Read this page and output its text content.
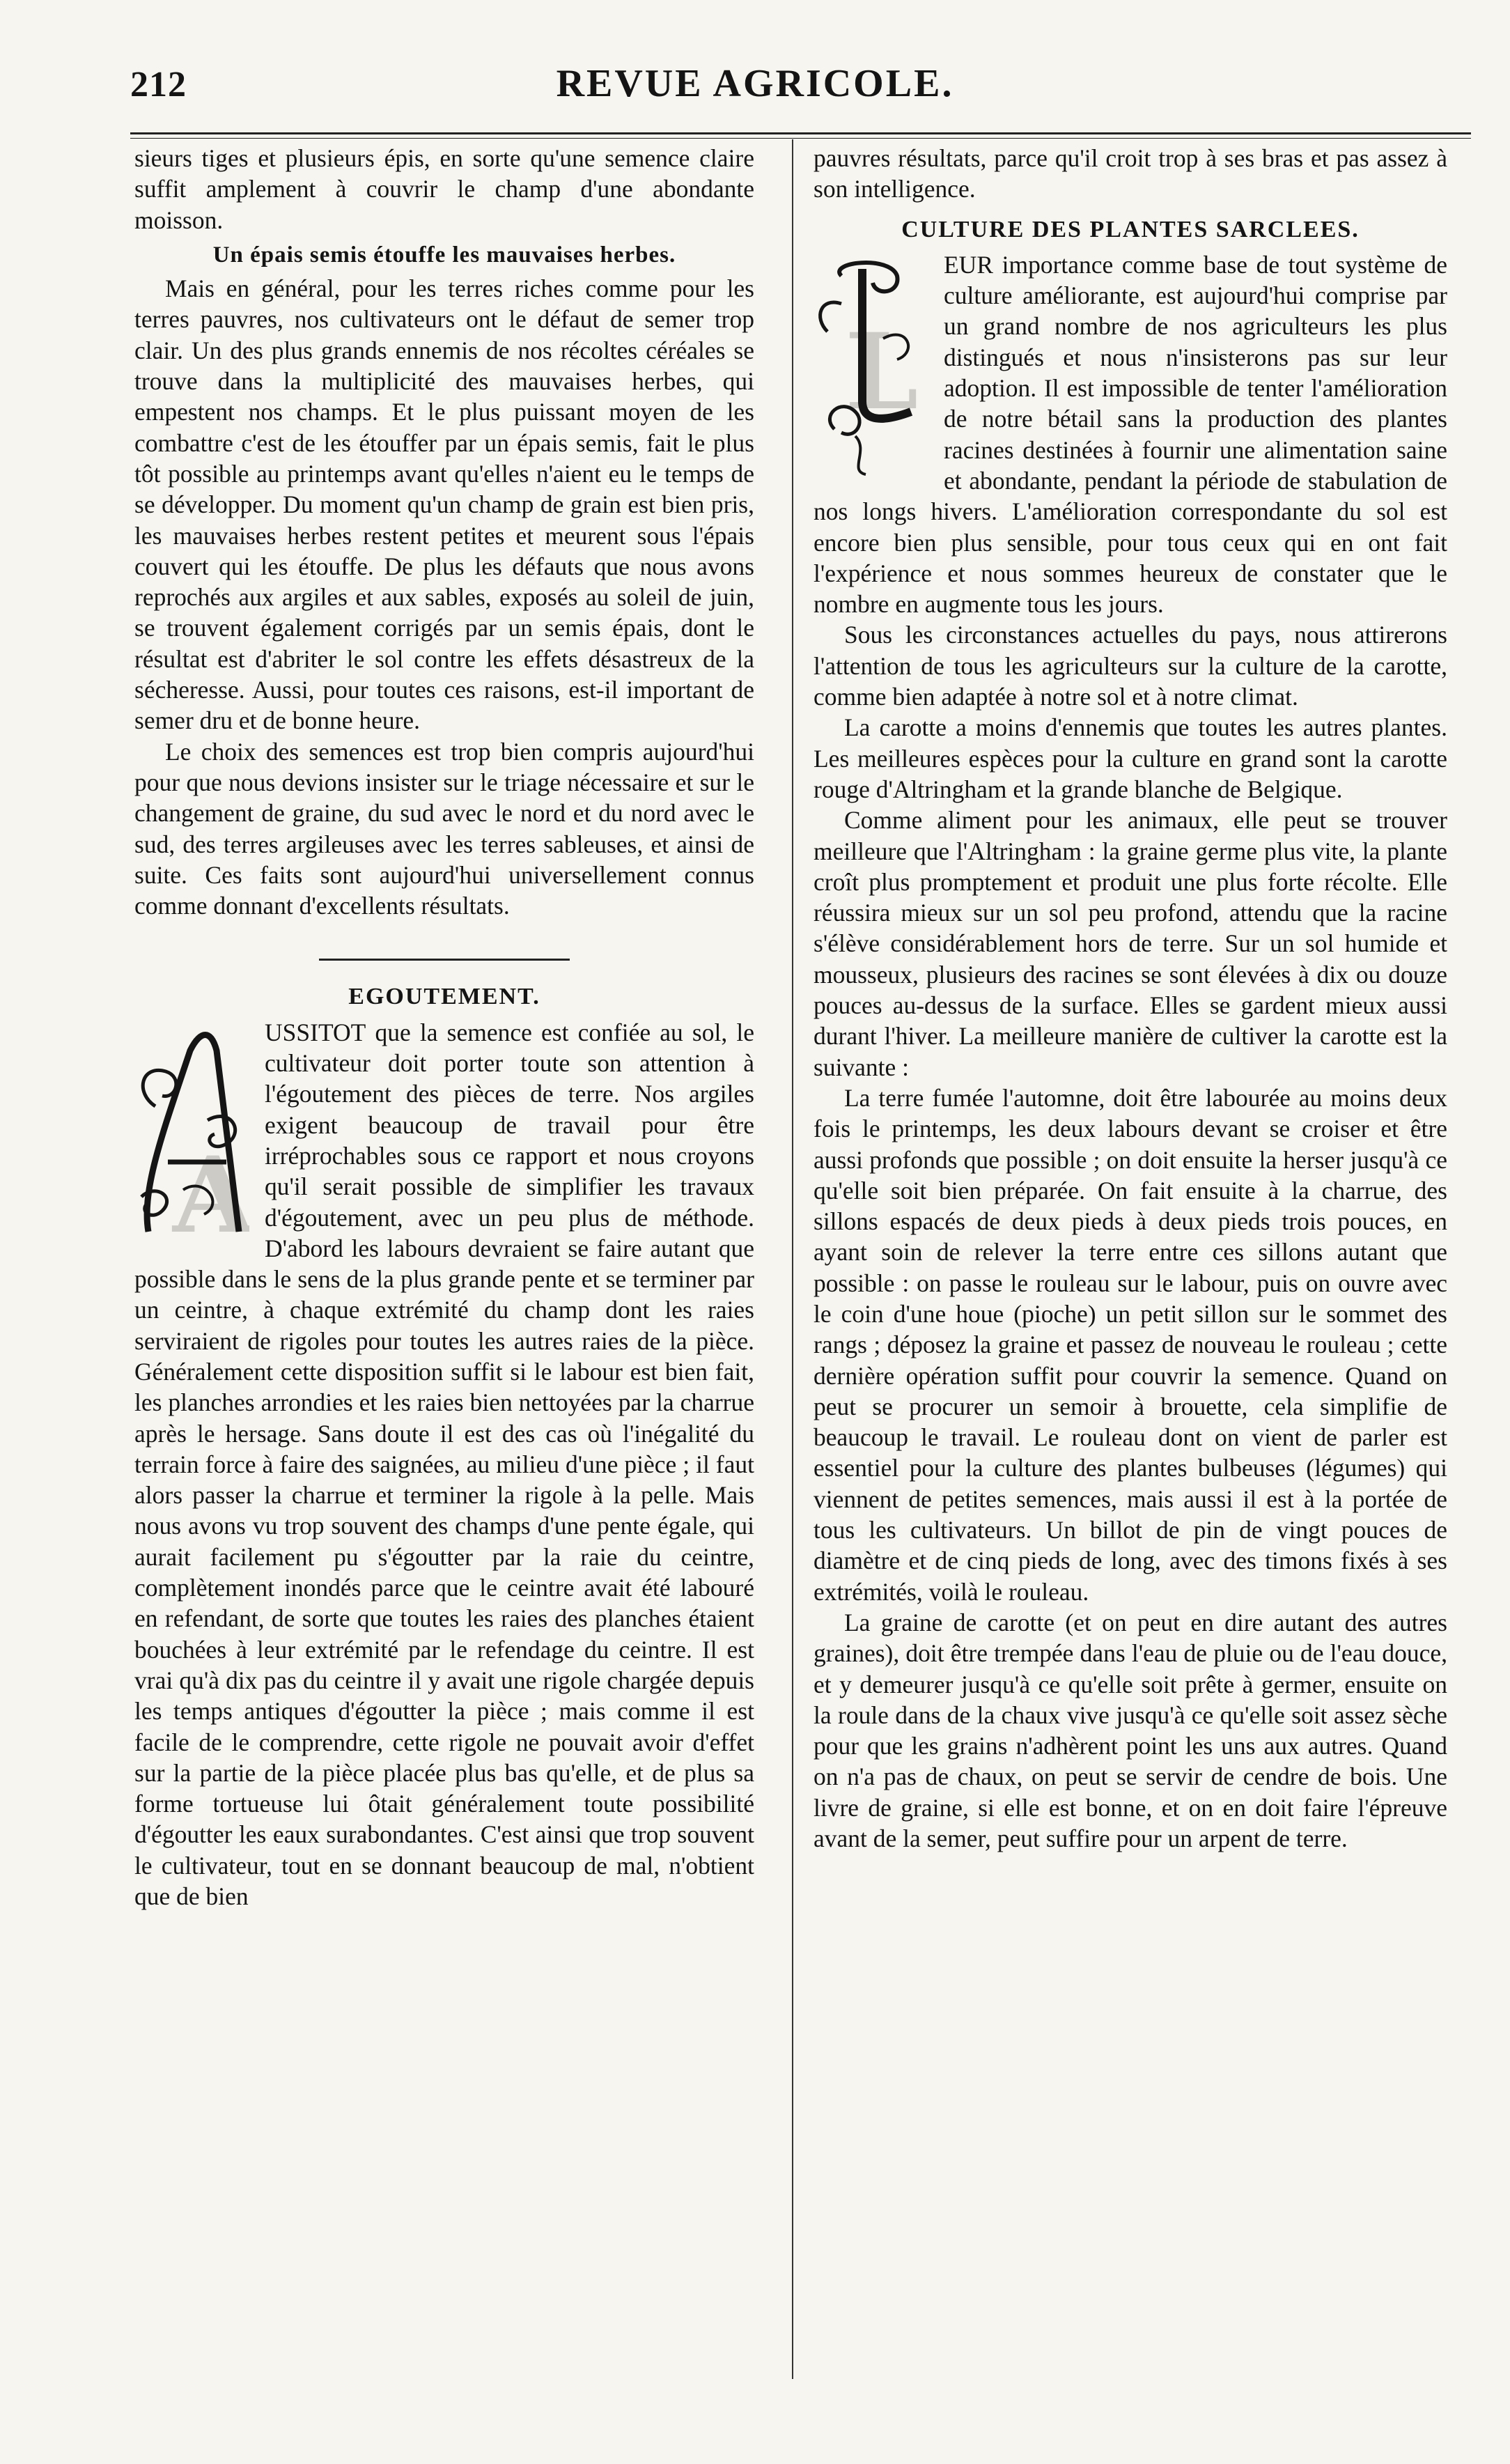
212	REVUE AGRICOLE.

sieurs tiges et plusieurs épis, en sorte qu'une semence claire suffit amplement à couvrir le champ d'une abondante moisson.

Un épais semis étouffe les mauvaises herbes.

Mais en général, pour les terres riches comme pour les terres pauvres, nos cultivateurs ont le défaut de semer trop clair. Un des plus grands ennemis de nos récoltes céréales se trouve dans la multiplicité des mauvaises herbes, qui empestent nos champs. Et le plus puissant moyen de les combattre c'est de les étouffer par un épais semis, fait le plus tôt possible au printemps avant qu'elles n'aient eu le temps de se développer. Du moment qu'un champ de grain est bien pris, les mauvaises herbes restent petites et meurent sous l'épais couvert qui les étouffe. De plus les défauts que nous avons reprochés aux argiles et aux sables, exposés au soleil de juin, se trouvent également corrigés par un semis épais, dont le résultat est d'abriter le sol contre les effets désastreux de la sécheresse. Aussi, pour toutes ces raisons, est-il important de semer dru et de bonne heure.

Le choix des semences est trop bien compris aujourd'hui pour que nous devions insister sur le triage nécessaire et sur le changement de graine, du sud avec le nord et du nord avec le sud, des terres argileuses avec les terres sableuses, et ainsi de suite. Ces faits sont aujourd'hui universellement connus comme donnant d'excellents résultats.

EGOUTEMENT.
A

USSITOT que la semence est confiée au sol, le cultivateur doit porter toute son attention à l'égoutement des pièces de terre. Nos argiles exigent beaucoup de travail pour être irréprochables sous ce rapport et nous croyons qu'il serait possible de simplifier les travaux d'égoutement, avec un peu plus de méthode. D'abord les labours devraient se faire autant que possible dans le sens de la plus grande pente et se terminer par un ceintre, à chaque extrémité du champ dont les raies serviraient de rigoles pour toutes les autres raies de la pièce. Généralement cette disposition suffit si le labour est bien fait, les planches arrondies et les raies bien nettoyées par la charrue après le hersage. Sans doute il est des cas où l'inégalité du terrain force à faire des saignées, au milieu d'une pièce ; il faut alors passer la charrue et terminer la rigole à la pelle. Mais nous avons vu trop souvent des champs d'une pente égale, qui aurait facilement pu s'égoutter par la raie du ceintre, complètement inondés parce que le ceintre avait été labouré en refendant, de sorte que toutes les raies des planches étaient bouchées à leur extrémité par le refendage du ceintre. Il est vrai qu'à dix pas du ceintre il y avait une rigole chargée depuis les temps antiques d'égoutter la pièce ; mais comme il est facile de le comprendre, cette rigole ne pouvait avoir d'effet sur la partie de la pièce placée plus bas qu'elle, et de plus sa forme tortueuse lui ôtait généralement toute possibilité d'égoutter les eaux surabondantes. C'est ainsi que trop souvent le cultivateur, tout en se donnant beaucoup de mal, n'obtient que de bien

pauvres résultats, parce qu'il croit trop à ses bras et pas assez à son intelligence.

CULTURE DES PLANTES SARCLEES.
L

EUR importance comme base de tout système de culture améliorante, est aujourd'hui comprise par un grand nombre de nos agriculteurs les plus distingués et nous n'insisterons pas sur leur adoption. Il est impossible de tenter l'amélioration de notre bétail sans la production des plantes racines destinées à fournir une alimentation saine et abondante, pendant la période de stabulation de nos longs hivers. L'amélioration correspondante du sol est encore bien plus sensible, pour tous ceux qui en ont fait l'expérience et nous sommes heureux de constater que le nombre en augmente tous les jours.

Sous les circonstances actuelles du pays, nous attirerons l'attention de tous les agriculteurs sur la culture de la carotte, comme bien adaptée à notre sol et à notre climat.

La carotte a moins d'ennemis que toutes les autres plantes. Les meilleures espèces pour la culture en grand sont la carotte rouge d'Altringham et la grande blanche de Belgique.

Comme aliment pour les animaux, elle peut se trouver meilleure que l'Altringham : la graine germe plus vite, la plante croît plus promptement et produit une plus forte récolte. Elle réussira mieux sur un sol peu profond, attendu que la racine s'élève considérablement hors de terre. Sur un sol humide et mousseux, plusieurs des racines se sont élevées à dix ou douze pouces au-dessus de la surface. Elles se gardent mieux aussi durant l'hiver. La meilleure manière de cultiver la carotte est la suivante :

La terre fumée l'automne, doit être labourée au moins deux fois le printemps, les deux labours devant se croiser et être aussi profonds que possible ; on doit ensuite la herser jusqu'à ce qu'elle soit bien préparée. On fait ensuite à la charrue, des sillons espacés de deux pieds à deux pieds trois pouces, en ayant soin de relever la terre entre ces sillons autant que possible : on passe le rouleau sur le labour, puis on ouvre avec le coin d'une houe (pioche) un petit sillon sur le sommet des rangs ; déposez la graine et passez de nouveau le rouleau ; cette dernière opération suffit pour couvrir la semence. Quand on peut se procurer un semoir à brouette, cela simplifie de beaucoup le travail. Le rouleau dont on vient de parler est essentiel pour la culture des plantes bulbeuses (légumes) qui viennent de petites semences, mais aussi il est à la portée de tous les cultivateurs. Un billot de pin de vingt pouces de diamètre et de cinq pieds de long, avec des timons fixés à ses extrémités, voilà le rouleau.

La graine de carotte (et on peut en dire autant des autres graines), doit être trempée dans l'eau de pluie ou de l'eau douce, et y demeurer jusqu'à ce qu'elle soit prête à germer, ensuite on la roule dans de la chaux vive jusqu'à ce qu'elle soit assez sèche pour que les grains n'adhèrent point les uns aux autres. Quand on n'a pas de chaux, on peut se servir de cendre de bois. Une livre de graine, si elle est bonne, et on en doit faire l'épreuve avant de la semer, peut suffire pour un arpent de terre.
